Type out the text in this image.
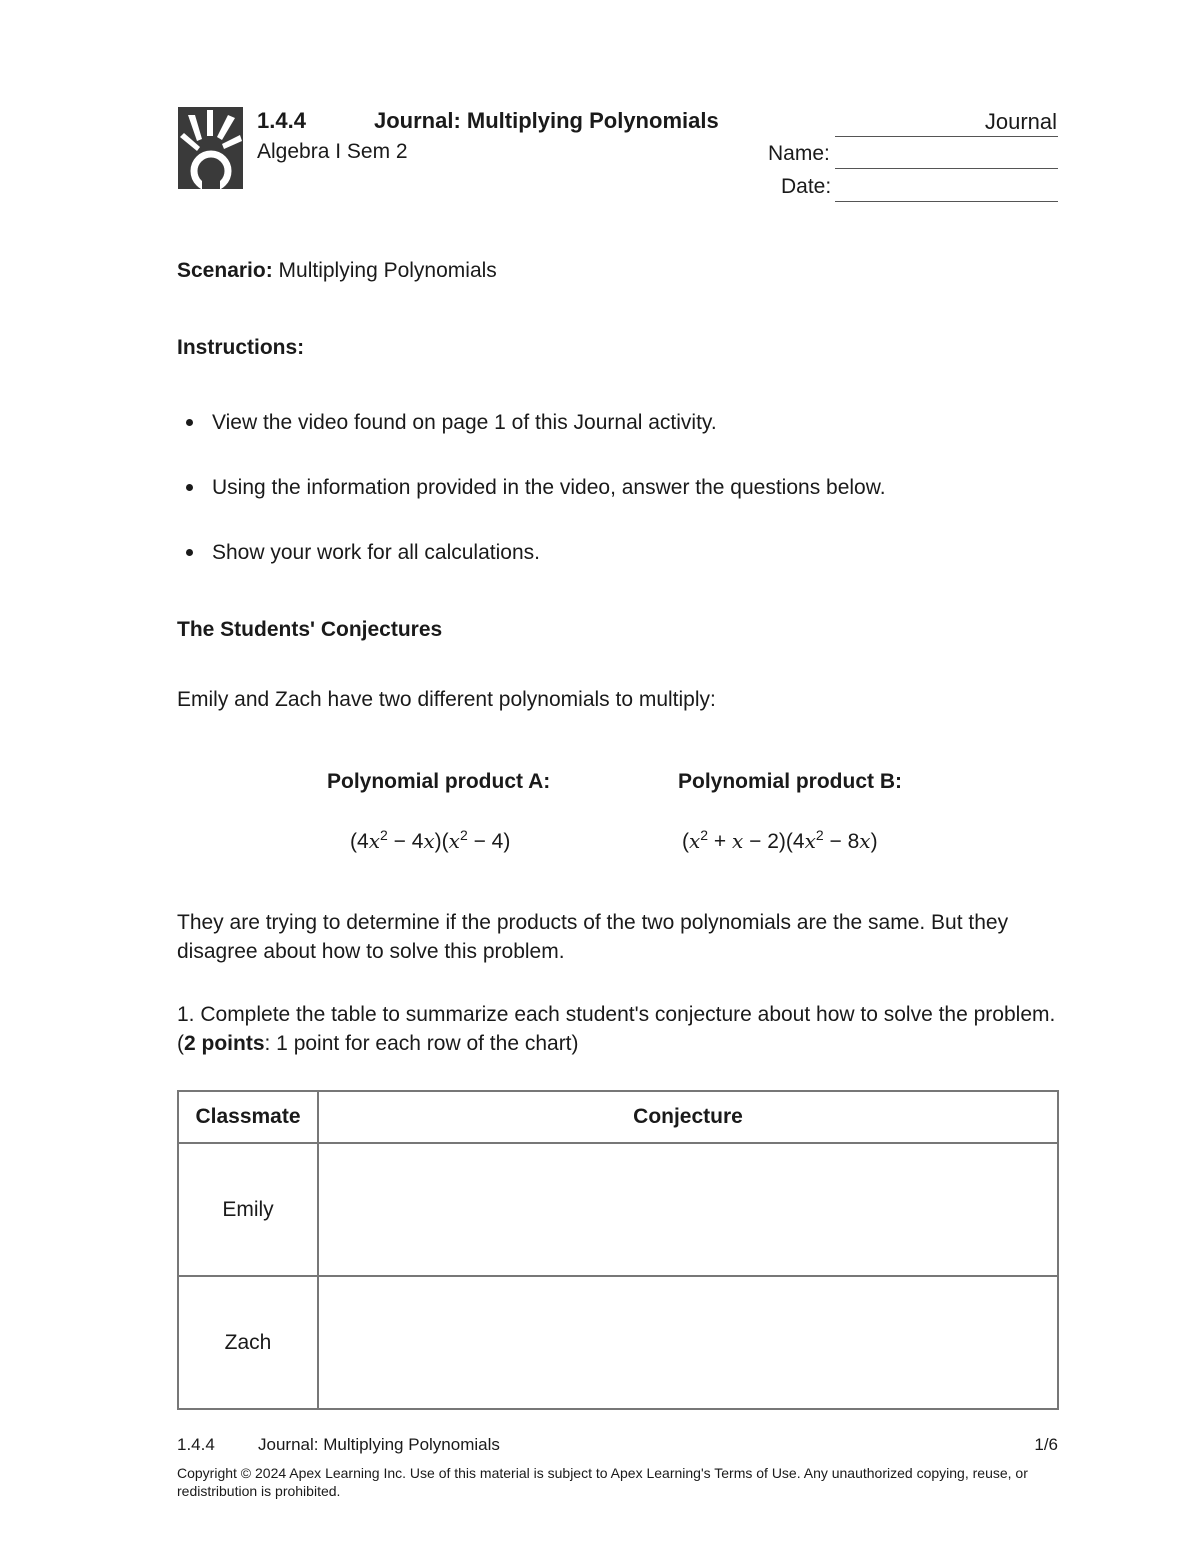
1.4.4	Journal: Multiplying Polynomials	Journal
Algebra I Sem 2	Name:
Date:
Scenario: Multiplying Polynomials
Instructions:
View the video found on page 1 of this Journal activity.
Using the information provided in the video, answer the questions below.
Show your work for all calculations.
The Students' Conjectures
Emily and Zach have two different polynomials to multiply:
Polynomial product A:	Polynomial product B:
$(4x^2 - 4x)(x^2 - 4)$	$(x^2 + x - 2)(4x^2 - 8x)$
They are trying to determine if the products of the two polynomials are the same. But they disagree about how to solve this problem.
1. Complete the table to summarize each student's conjecture about how to solve the problem. (2 points: 1 point for each row of the chart)
Classmate	Conjecture
Emily	
Zach	
1.4.4	Journal: Multiplying Polynomials	1/6
Copyright © 2024 Apex Learning Inc. Use of this material is subject to Apex Learning's Terms of Use. Any unauthorized copying, reuse, or redistribution is prohibited.
